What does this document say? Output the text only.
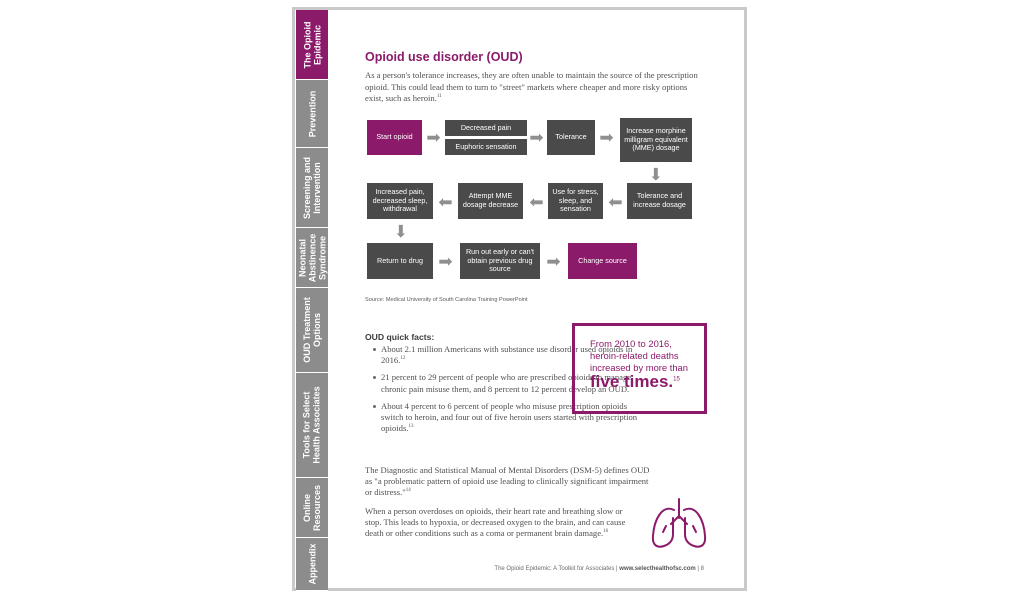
The Opioid
Epidemic
Prevention
Screening and
Intervention
Neonatal
Abstinence
Syndrome
OUD Treatment
Options
Tools for Select
Health Associates
Online
Resources
Appendix
Opioid use disorder (OUD)

As a person's tolerance increases, they are often unable to maintain the source of the prescription opioid. This could lead them to turn to "street" markets where cheaper and more risky options exist, such as heroin.$^{11}$

Start opioid ➡
Decreased pain
Euphoric sensation ➡	Tolerance ➡	Increase morphine milligram equivalent (MME) dosage
➡
Tolerance and increase dosage
➡
Use for stress, sleep, and sensation
➡
Attempt MME dosage decrease
➡
Increased pain, decreased sleep, withdrawal
➡
Return to drug ➡
Run out early or can't obtain previous drug source	➡	Change source
Source: Medical University of South Carolina Training PowerPoint
OUD quick facts:
About 2.1 million Americans with substance use disorder used opioids in 2016.12
21 percent to 29 percent of people who are prescribed opioids to manage chronic pain misuse them, and 8 percent to 12 percent develop an OUD.
About 4 percent to 6 percent of people who misuse prescription opioids switch to heroin, and four out of five heroin users started with prescription opioids.$^{13}$

The Diagnostic and Statistical Manual of Mental Disorders (DSM-5) defines OUD as "a problematic pattern of opioid use leading to clinically significant impairment or distress."$^{14}$

When a person overdoses on opioids, their heart rate and breathing slow or stop. This leads to hypoxia, or decreased oxygen to the brain, and can cause death or other conditions such as a coma or permanent brain damage.$^{16}$

From 2010 to 2016,
heroin-related deaths
increased by more than
five times.$^{15}$
The Opioid Epidemic: A Toolkit for Associates | www.selecthealthofsc.com | 8
